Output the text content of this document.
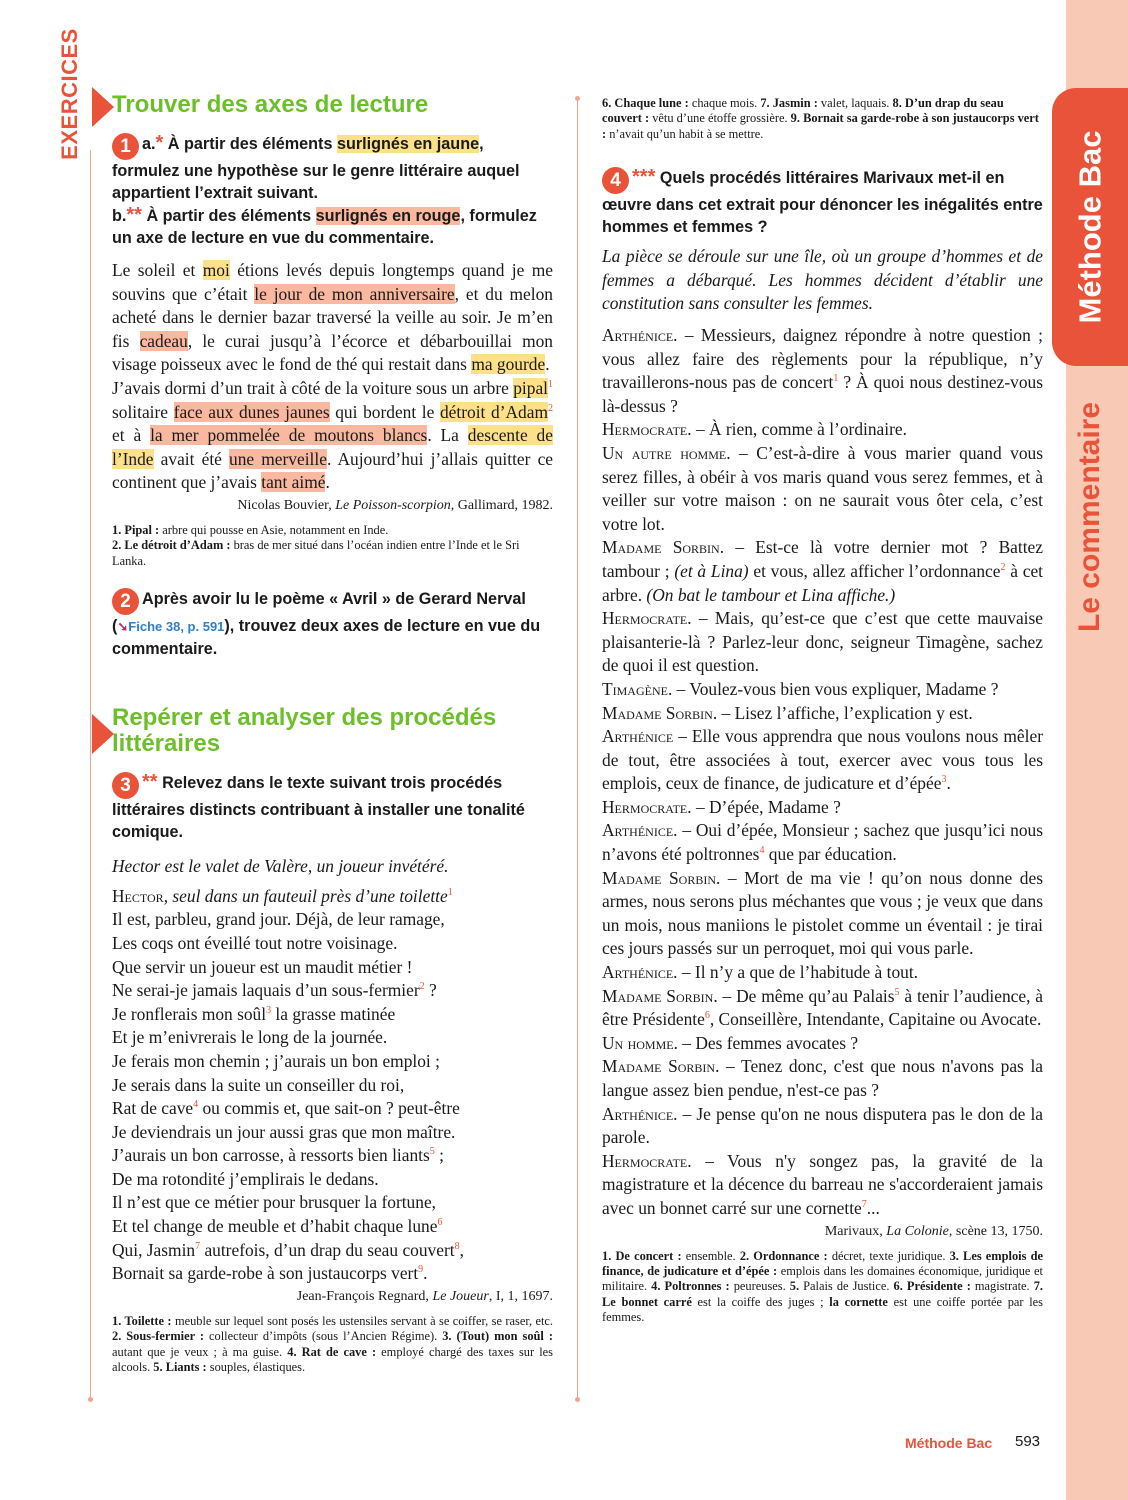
Méthode Bac
Le commentaire
EXERCICES Trouver des axes de lecture

1 a.* À partir des éléments surlignés en jaune, formulez une hypothèse sur le genre littéraire auquel appartient l’extrait suivant.

b.** À partir des éléments surlignés en rouge, formulez un axe de lecture en vue du commentaire.

Le soleil et moi étions levés depuis longtemps quand je me souvins que c’était le jour de mon anniversaire, et du melon acheté dans le dernier bazar traversé la veille au soir. Je m’en fis cadeau, le curai jusqu’à l’écorce et débarbouillai mon visage poisseux avec le fond de thé qui restait dans ma gourde.

J’avais dormi d’un trait à côté de la voiture sous un arbre pipal$^1$ solitaire face aux dunes jaunes qui bordent le détroit d’Adam$^2$ et à la mer pommelée de moutons blancs. La descente de l’Inde avait été une merveille. Aujourd’hui j’allais quitter ce continent que j’avais tant aimé.

Nicolas Bouvier, Le Poisson-scorpion, Gallimard, 1982.

1. Pipal : arbre qui pousse en Asie, notamment en Inde.

2. Le détroit d’Adam : bras de mer situé dans l’océan indien entre l’Inde et le Sri Lanka.

2 Après avoir lu le poème « Avril » de Gerard Nerval (➘Fiche 38, p. 591), trouvez deux axes de lecture en vue du commentaire.

Repérer et analyser des procédés littéraires

3 ** Relevez dans le texte suivant trois procédés littéraires distincts contribuant à installer une tonalité comique.

Hector est le valet de Valère, un joueur invétéré.

Hector, seul dans un fauteuil près d’une toilette$^1$

Il est, parbleu, grand jour. Déjà, de leur ramage,

Les coqs ont éveillé tout notre voisinage.

Que servir un joueur est un maudit métier !

Ne serai-je jamais laquais d’un sous-fermier$^2$ ?

Je ronflerais mon soûl$^3$ la grasse matinée

Et je m’enivrerais le long de la journée.

Je ferais mon chemin ; j’aurais un bon emploi ;

Je serais dans la suite un conseiller du roi,

Rat de cave$^4$ ou commis et, que sait-on ? peut-être

Je deviendrais un jour aussi gras que mon maître.

J’aurais un bon carrosse, à ressorts bien liants$^5$ ;

De ma rotondité j’emplirais le dedans.

Il n’est que ce métier pour brusquer la fortune,

Et tel change de meuble et d’habit chaque lune$^6$

Qui, Jasmin$^7$ autrefois, d’un drap du seau couvert$^8$,

Bornait sa garde-robe à son justaucorps vert$^9$.

Jean-François Regnard, Le Joueur, I, 1, 1697.

1. Toilette : meuble sur lequel sont posés les ustensiles servant à se coiffer, se raser, etc. 2. Sous-fermier : collecteur d’impôts (sous l’Ancien Régime). 3. (Tout) mon soûl : autant que je veux ; à ma guise. 4. Rat de cave : employé chargé des taxes sur les alcools. 5. Liants : souples, élastiques.

6. Chaque lune : chaque mois. 7. Jasmin : valet, laquais. 8. D’un drap du seau couvert : vêtu d’une étoffe grossière. 9. Bornait sa garde-robe à son justaucorps vert : n’avait qu’un habit à se mettre.

4 *** Quels procédés littéraires Marivaux met-il en œuvre dans cet extrait pour dénoncer les inégalités entre hommes et femmes ?

La pièce se déroule sur une île, où un groupe d’hommes et de femmes a débarqué. Les hommes décident d’établir une constitution sans consulter les femmes.

Arthénice. – Messieurs, daignez répondre à notre question ; vous allez faire des règlements pour la république, n’y travaillerons-nous pas de concert$^1$ ? À quoi nous destinez-vous là-dessus ?

Hermocrate. – À rien, comme à l’ordinaire.

Un autre homme. – C’est-à-dire à vous marier quand vous serez filles, à obéir à vos maris quand vous serez femmes, et à veiller sur votre maison : on ne saurait vous ôter cela, c’est votre lot.

Madame Sorbin. – Est-ce là votre dernier mot ? Battez tambour ; (et à Lina) et vous, allez afficher l’ordonnance$^2$ à cet arbre. (On bat le tambour et Lina affiche.)

Hermocrate. – Mais, qu’est-ce que c’est que cette mauvaise plaisanterie-là ? Parlez-leur donc, seigneur Timagène, sachez de quoi il est question.

Timagène. – Voulez-vous bien vous expliquer, Madame ?

Madame Sorbin. – Lisez l’affiche, l’explication y est.

Arthénice – Elle vous apprendra que nous voulons nous mêler de tout, être associées à tout, exercer avec vous tous les emplois, ceux de finance, de judicature et d’épée$^3$.

Hermocrate. – D’épée, Madame ?

Arthénice. – Oui d’épée, Monsieur ; sachez que jusqu’ici nous n’avons été poltronnes$^4$ que par éducation.

Madame Sorbin. – Mort de ma vie ! qu’on nous donne des armes, nous serons plus méchantes que vous ; je veux que dans un mois, nous maniions le pistolet comme un éventail : je tirai ces jours passés sur un perroquet, moi qui vous parle.

Arthénice. – Il n’y a que de l’habitude à tout.

Madame Sorbin. – De même qu’au Palais$^5$ à tenir l’audience, à être Présidente$^6$, Conseillère, Intendante, Capitaine ou Avocate.

Un homme. – Des femmes avocates ?

Madame Sorbin. – Tenez donc, c'est que nous n'avons pas la langue assez bien pendue, n'est-ce pas ?

Arthénice. – Je pense qu'on ne nous disputera pas le don de la parole.

Hermocrate. – Vous n'y songez pas, la gravité de la magistrature et la décence du barreau ne s'accorderaient jamais avec un bonnet carré sur une cornette$^7$...

Marivaux, La Colonie, scène 13, 1750.

1. De concert : ensemble. 2. Ordonnance : décret, texte juridique. 3. Les emplois de finance, de judicature et d’épée : emplois dans les domaines économique, juridique et militaire. 4. Poltronnes : peureuses. 5. Palais de Justice. 6. Présidente : magistrate. 7. Le bonnet carré est la coiffe des juges ; la cornette est une coiffe portée par les femmes.

Méthode Bac 593
